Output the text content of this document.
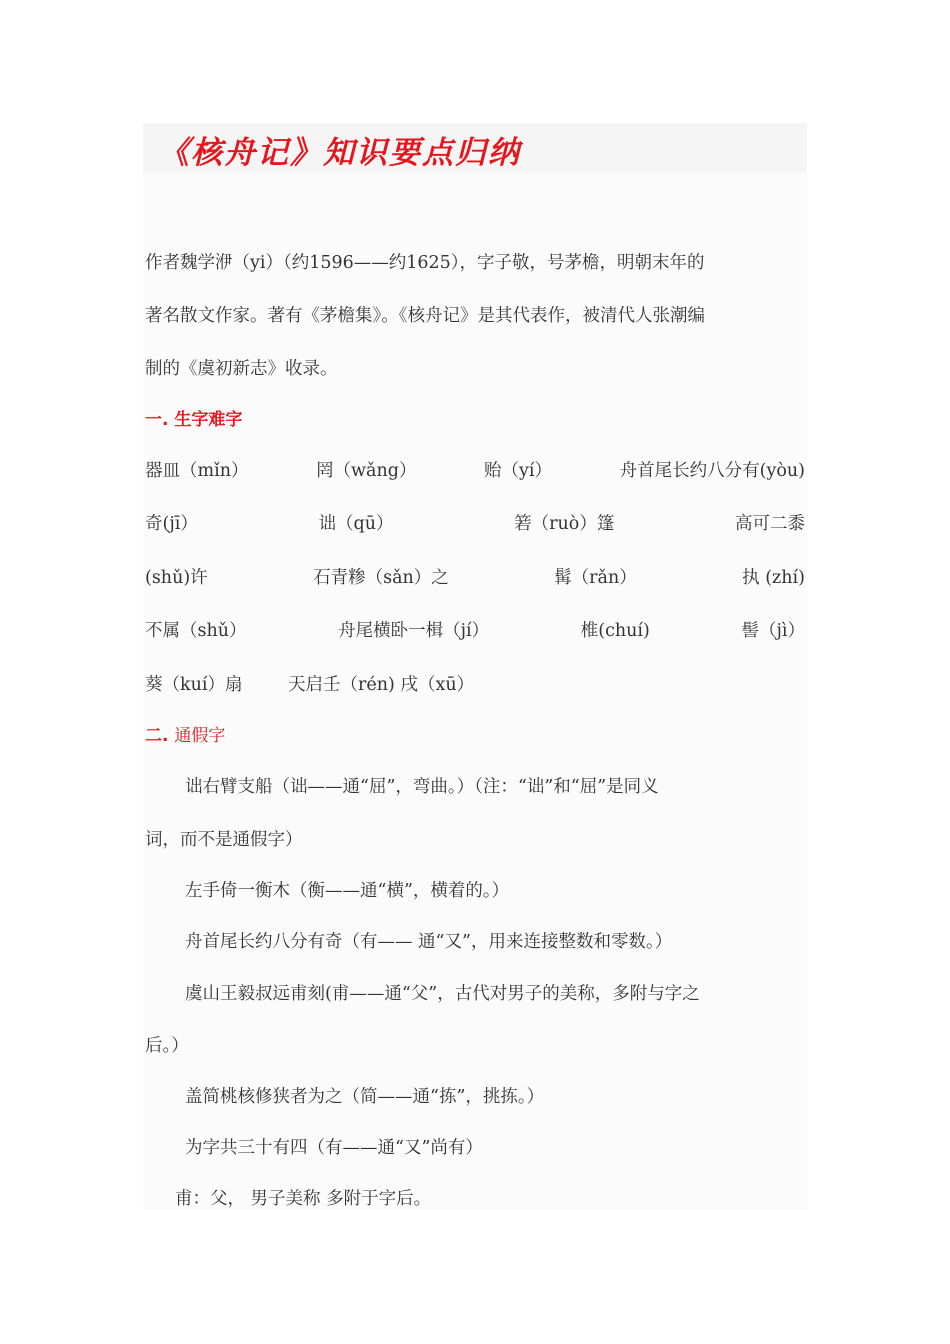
《核舟记》知识要点归纳
作者魏学洢（yi）（约1596——约1625），字子敬，号茅檐，明朝末年的
著名散文作家。著有《茅檐集》。《核舟记》是其代表作，被清代人张潮编
制的《虞初新志》收录。
一. 生字难字
器皿（mǐn）	罔（wǎng）	贻（yí）	舟首尾长约八分有(yòu)
奇(jī）	诎（qū）	箬（ruò）篷	高可二黍
(shǔ)许	石青糁（sǎn）之	髯（rǎn）	执 (zhí)
不属（shǔ）	舟尾横卧一楫（jí）	椎(chuí)	髻（jì）
葵（kuí）扇	天启壬（rén) 戌（xū）
二. 通假字
诎右臂支船（诎——通“屈”，弯曲。）（注：“诎”和“屈”是同义
词，而不是通假字）
左手倚一衡木（衡——通“横”，横着的。）
舟首尾长约八分有奇（有—— 通“又”，用来连接整数和零数。）
虞山王毅叔远甫刻(甫——通“父”，古代对男子的美称，多附与字之
后。）
盖简桃核修狭者为之（简——通“拣”，挑拣。）
为字共三十有四（有——通“又”尚有）
甫：父， 男子美称 多附于字后。
